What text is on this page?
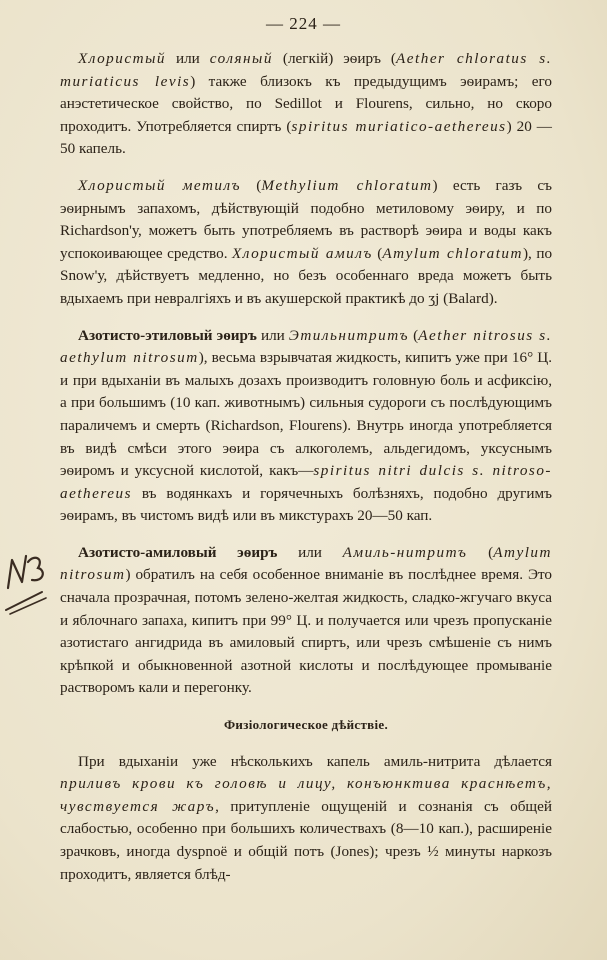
— 224 —

Хлористый или соляный (легкій) эѳиръ (Aether chloratus s. muriaticus levis) также близокъ къ предыдущимъ эѳирамъ; его анэстетическое свойство, по Sedillot и Flourens, сильно, но скоро проходитъ. Употребляется спиртъ (spiritus muriatico-aethereus) 20 — 50 капель.

Хлористый метилъ (Methylium chloratum) есть газъ съ эѳирнымъ запахомъ, дѣйствующій подобно метиловому эѳиру, и по Richardson'у, можетъ быть употребляемъ въ растворѣ эѳира и воды какъ успокоивающее средство. Хлористый амилъ (Amylum chloratum), по Snow'у, дѣйствуетъ медленно, но безъ особеннаго вреда можетъ быть вдыхаемъ при невралгіяхъ и въ акушерской практикѣ до ʒj (Balard).

Азотисто-этиловый эѳиръ или Этильнитритъ (Aether nitrosus s. aethylum nitrosum), весьма взрывчатая жидкость, кипитъ уже при 16° Ц. и при вдыханіи въ малыхъ дозахъ производитъ головную боль и асфиксію, а при большимъ (10 кап. животнымъ) сильныя судороги съ послѣдующимъ параличемъ и смерть (Richardson, Flourens). Внутрь иногда употребляется въ видѣ смѣси этого эѳира съ алкоголемъ, альдегидомъ, уксуснымъ эѳиромъ и уксусной кислотой, какъ—spiritus nitri dulcis s. nitroso-aethereus въ водянкахъ и горячечныхъ болѣзняхъ, подобно другимъ эѳирамъ, въ чистомъ видѣ или въ микстурахъ 20—50 кап.

Азотисто-амиловый эѳиръ или Амиль-нитритъ (Amylum nitrosum) обратилъ на себя особенное вниманіе въ послѣднее время. Это сначала прозрачная, потомъ зелено-желтая жидкость, сладко-жгучаго вкуса и яблочнаго запаха, кипитъ при 99° Ц. и получается или чрезъ пропусканіе азотистаго ангидрида въ амиловый спиртъ, или чрезъ смѣшеніе съ нимъ крѣпкой и обыкновенной азотной кислоты и послѣдующее промываніе растворомъ кали и перегонку.

Физіологическое дѣйствіе.

При вдыханіи уже нѣсколькихъ капель амиль-нитрита дѣлается приливъ крови къ головѣ и лицу, конъюнктива краснѣетъ, чувствуется жаръ, притупленіе ощущеній и сознанія съ общей слабостью, особенно при большихъ количествахъ (8—10 кап.), расширеніе зрачковъ, иногда dyspnoë и общій потъ (Jones); чрезъ ½ минуты наркозъ проходитъ, является блѣд-
